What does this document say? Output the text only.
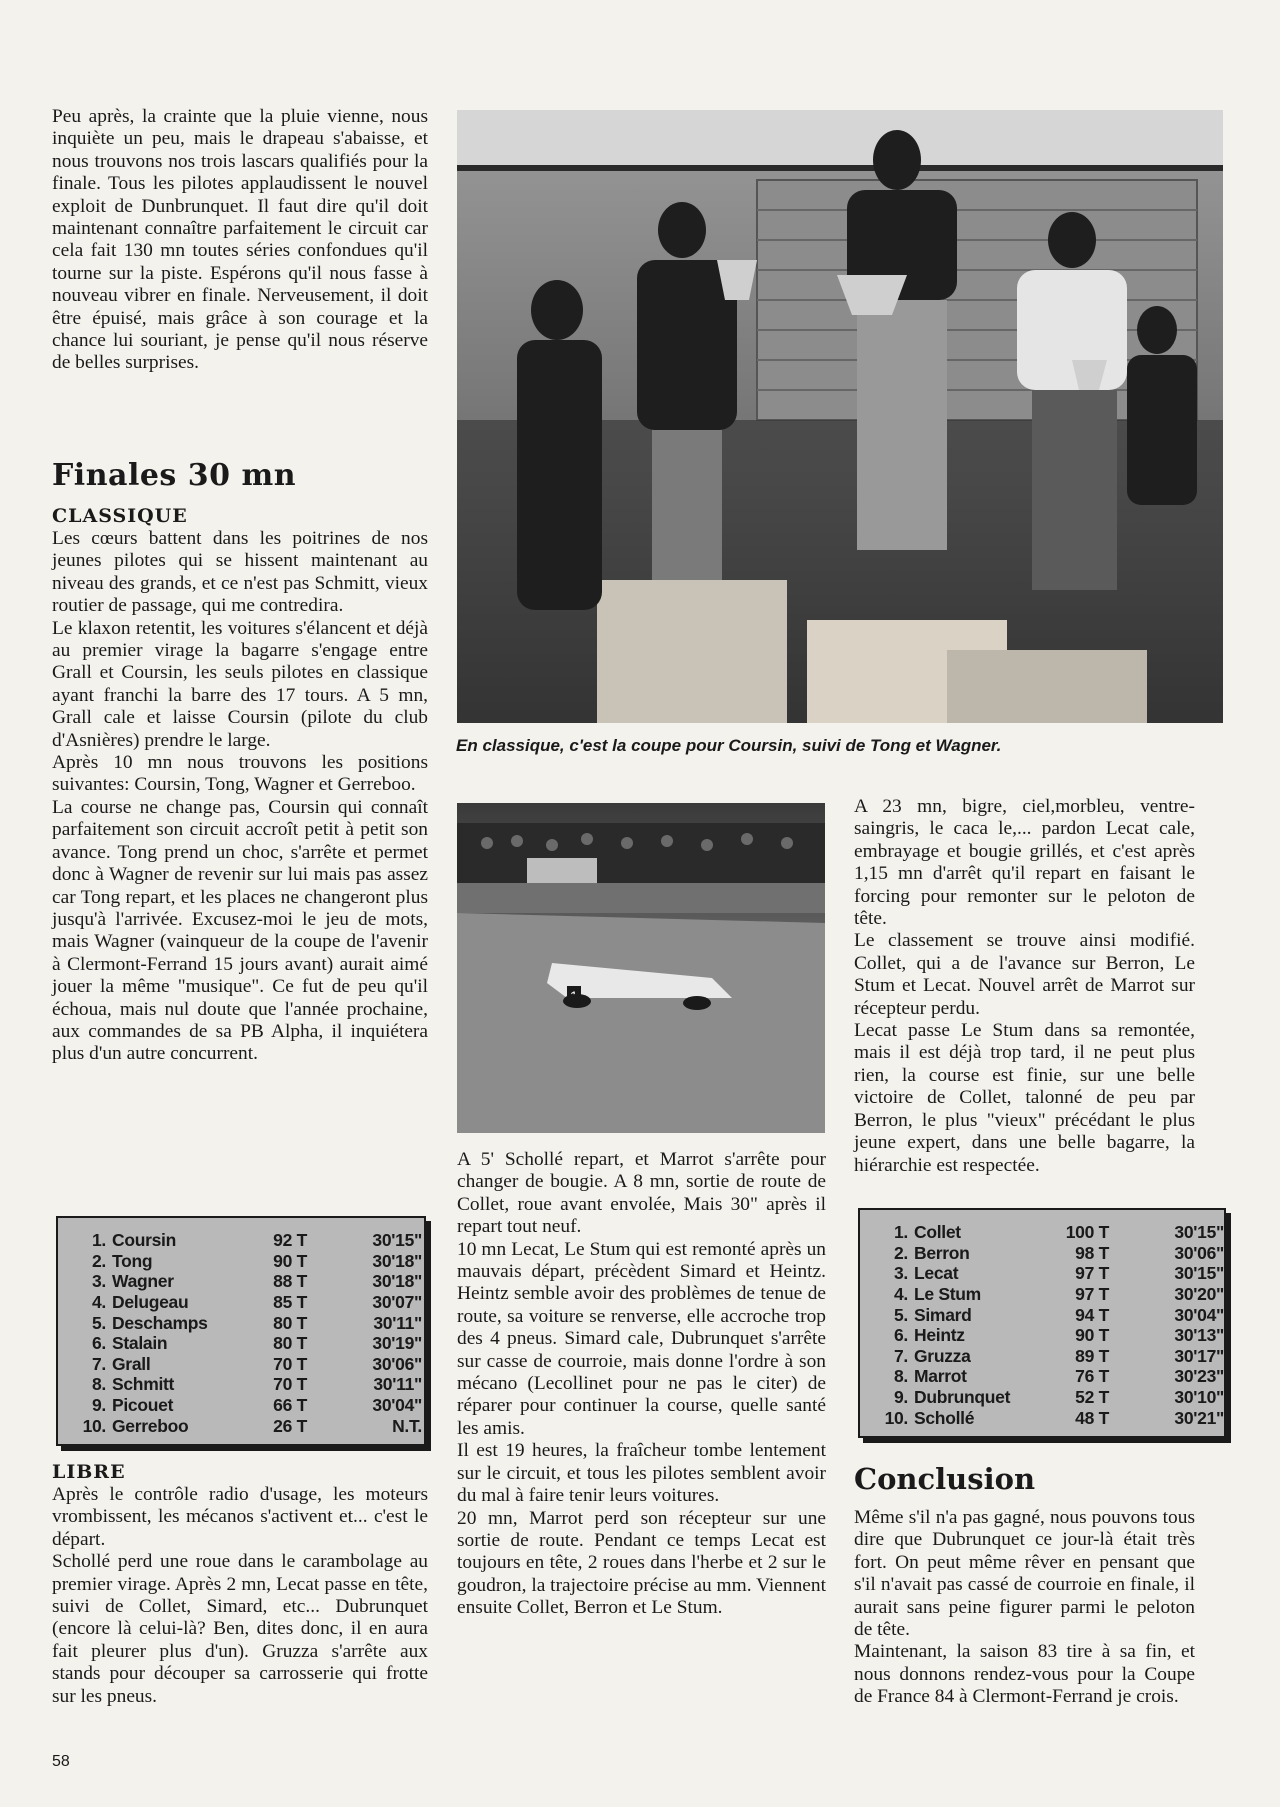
Peu après, la crainte que la pluie vienne, nous inquiète un peu, mais le drapeau s'abaisse, et nous trouvons nos trois lascars qualifiés pour la finale. Tous les pilotes applaudissent le nouvel exploit de Dunbrunquet. Il faut dire qu'il doit maintenant connaître parfaitement le circuit car cela fait 130 mn toutes séries confondues qu'il tourne sur la piste. Espérons qu'il nous fasse à nouveau vibrer en finale. Nerveusement, il doit être épuisé, mais grâce à son courage et la chance lui souriant, je pense qu'il nous réserve de belles surprises.

Finales 30 mn
CLASSIQUE

Les cœurs battent dans les poitrines de nos jeunes pilotes qui se hissent maintenant au niveau des grands, et ce n'est pas Schmitt, vieux routier de passage, qui me contredira.

Le klaxon retentit, les voitures s'élancent et déjà au premier virage la bagarre s'engage entre Grall et Coursin, les seuls pilotes en classique ayant franchi la barre des 17 tours. A 5 mn, Grall cale et laisse Coursin (pilote du club d'Asnières) prendre le large.

Après 10 mn nous trouvons les positions suivantes: Coursin, Tong, Wagner et Gerreboo.

La course ne change pas, Coursin qui connaît parfaitement son circuit accroît petit à petit son avance. Tong prend un choc, s'arrête et permet donc à Wagner de revenir sur lui mais pas assez car Tong repart, et les places ne changeront plus jusqu'à l'arrivée. Excusez-moi le jeu de mots, mais Wagner (vainqueur de la coupe de l'avenir à Clermont-Ferrand 15 jours avant) aurait aimé jouer la même "musique". Ce fut de peu qu'il échoua, mais nul doute que l'année prochaine, aux commandes de sa PB Alpha, il inquiétera plus d'un autre concurrent.

1.	Coursin	92 T	30'15"
2.	Tong	90 T	30'18"
3.	Wagner	88 T	30'18"
4.	Delugeau	85 T	30'07"
5.	Deschamps	80 T	30'11"
6.	Stalain	80 T	30'19"
7.	Grall	70 T	30'06"
8.	Schmitt	70 T	30'11"
9.	Picouet	66 T	30'04"
10.	Gerreboo	26 T	N.T.
LIBRE

Après le contrôle radio d'usage, les moteurs vrombissent, les mécanos s'activent et... c'est le départ.

Schollé perd une roue dans le carambolage au premier virage. Après 2 mn, Lecat passe en tête, suivi de Collet, Simard, etc... Dubrunquet (encore là celui-là? Ben, dites donc, il en aura fait pleurer plus d'un). Gruzza s'arrête aux stands pour découper sa carrosserie qui frotte sur les pneus.

En classique, c'est la coupe pour Coursin, suivi de Tong et Wagner.

A 5' Schollé repart, et Marrot s'arrête pour changer de bougie. A 8 mn, sortie de route de Collet, roue avant envolée, Mais 30" après il repart tout neuf.

10 mn Lecat, Le Stum qui est remonté après un mauvais départ, précèdent Simard et Heintz. Heintz semble avoir des problèmes de tenue de route, sa voiture se renverse, elle accroche trop des 4 pneus. Simard cale, Dubrunquet s'arrête sur casse de courroie, mais donne l'ordre à son mécano (Lecollinet pour ne pas le citer) de réparer pour continuer la course, quelle santé les amis.

Il est 19 heures, la fraîcheur tombe lentement sur le circuit, et tous les pilotes semblent avoir du mal à faire tenir leurs voitures.

20 mn, Marrot perd son récepteur sur une sortie de route. Pendant ce temps Lecat est toujours en tête, 2 roues dans l'herbe et 2 sur le goudron, la trajectoire précise au mm. Viennent ensuite Collet, Berron et Le Stum.

A 23 mn, bigre, ciel,morbleu, ventre-saingris, le caca le,... pardon Lecat cale, embrayage et bougie grillés, et c'est après 1,15 mn d'arrêt qu'il repart en faisant le forcing pour remonter sur le peloton de tête.

Le classement se trouve ainsi modifié. Collet, qui a de l'avance sur Berron, Le Stum et Lecat. Nouvel arrêt de Marrot sur récepteur perdu.

Lecat passe Le Stum dans sa remontée, mais il est déjà trop tard, il ne peut plus rien, la course est finie, sur une belle victoire de Collet, talonné de peu par Berron, le plus "vieux" précédant le plus jeune expert, dans une belle bagarre, la hiérarchie est respectée.

1.	Collet	100 T	30'15"
2.	Berron	98 T	30'06"
3.	Lecat	97 T	30'15"
4.	Le Stum	97 T	30'20"
5.	Simard	94 T	30'04"
6.	Heintz	90 T	30'13"
7.	Gruzza	89 T	30'17"
8.	Marrot	76 T	30'23"
9.	Dubrunquet	52 T	30'10"
10.	Schollé	48 T	30'21"
Conclusion

Même s'il n'a pas gagné, nous pouvons tous dire que Dubrunquet ce jour-là était très fort. On peut même rêver en pensant que s'il n'avait pas cassé de courroie en finale, il aurait sans peine figurer parmi le peloton de tête.

Maintenant, la saison 83 tire à sa fin, et nous donnons rendez-vous pour la Coupe de France 84 à Clermont-Ferrand je crois.

58
